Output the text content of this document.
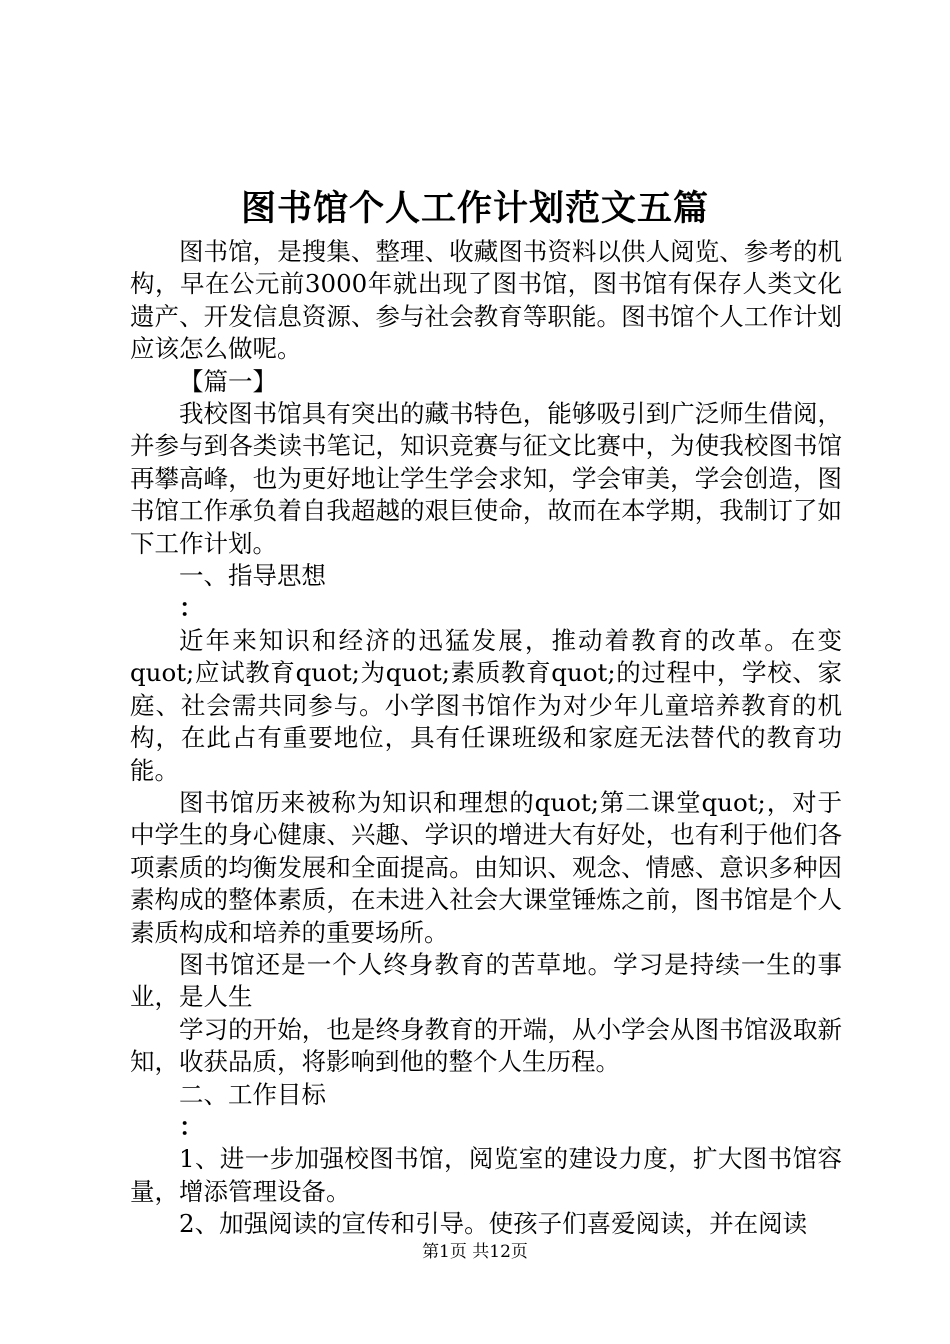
图书馆个人工作计划范文五篇

图书馆，是搜集、整理、收藏图书资料以供人阅览、参考的机构，早在公元前3000年就出现了图书馆，图书馆有保存人类文化遗产、开发信息资源、参与社会教育等职能。图书馆个人工作计划应该怎么做呢。

【篇一】

我校图书馆具有突出的藏书特色，能够吸引到广泛师生借阅，并参与到各类读书笔记，知识竞赛与征文比赛中，为使我校图书馆再攀高峰，也为更好地让学生学会求知，学会审美，学会创造，图书馆工作承负着自我超越的艰巨使命，故而在本学期，我制订了如下工作计划。

一、指导思想

：

近年来知识和经济的迅猛发展，推动着教育的改革。在变quot;应试教育quot;为quot;素质教育quot;的过程中，学校、家庭、社会需共同参与。小学图书馆作为对少年儿童培养教育的机构，在此占有重要地位，具有任课班级和家庭无法替代的教育功能。

图书馆历来被称为知识和理想的quot;第二课堂quot;，对于中学生的身心健康、兴趣、学识的增进大有好处，也有利于他们各项素质的均衡发展和全面提高。由知识、观念、情感、意识多种因素构成的整体素质，在未进入社会大课堂锤炼之前，图书馆是个人素质构成和培养的重要场所。

图书馆还是一个人终身教育的苦草地。学习是持续一生的事业，是人生

学习的开始，也是终身教育的开端，从小学会从图书馆汲取新知，收获品质，将影响到他的整个人生历程。

二、工作目标

：

1、进一步加强校图书馆，阅览室的建设力度，扩大图书馆容量，增添管理设备。

2、加强阅读的宣传和引导。使孩子们喜爱阅读，并在阅读

第1页 共12页
